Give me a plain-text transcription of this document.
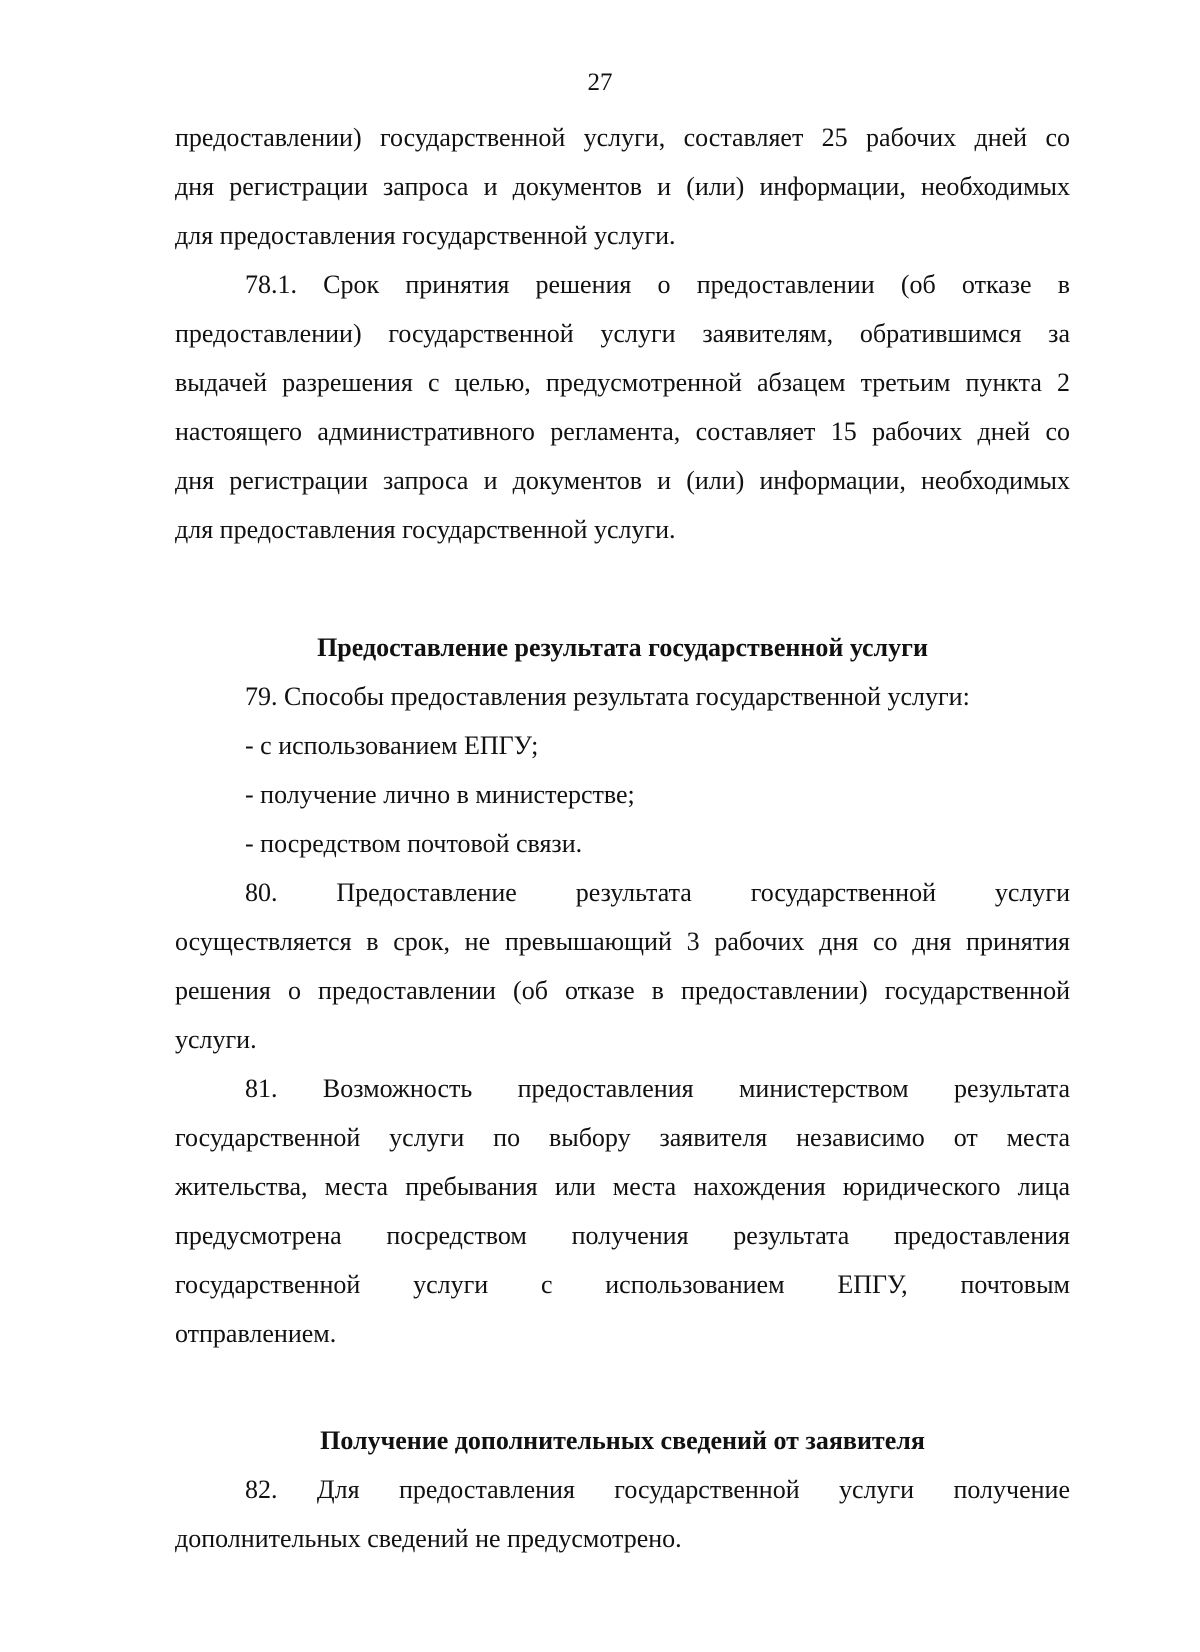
27
предоставлении) государственной услуги, составляет 25 рабочих дней со
дня регистрации запроса и документов и (или) информации, необходимых
для предоставления государственной услуги.
78.1. Срок принятия решения о предоставлении (об отказе в
предоставлении) государственной услуги заявителям, обратившимся за
выдачей разрешения с целью, предусмотренной абзацем третьим пункта 2
настоящего административного регламента, составляет 15 рабочих дней со
дня регистрации запроса и документов и (или) информации, необходимых
для предоставления государственной услуги.
Предоставление результата государственной услуги
79. Способы предоставления результата государственной услуги:
- с использованием ЕПГУ;
- получение лично в министерстве;
- посредством почтовой связи.
80. Предоставление результата государственной услуги
осуществляется в срок, не превышающий 3 рабочих дня со дня принятия
решения о предоставлении (об отказе в предоставлении) государственной
услуги.
81. Возможность предоставления министерством результата
государственной услуги по выбору заявителя независимо от места
жительства, места пребывания или места нахождения юридического лица
предусмотрена посредством получения результата предоставления
государственной услуги с использованием ЕПГУ, почтовым
отправлением.
Получение дополнительных сведений от заявителя
82. Для предоставления государственной услуги получение
дополнительных сведений не предусмотрено.
